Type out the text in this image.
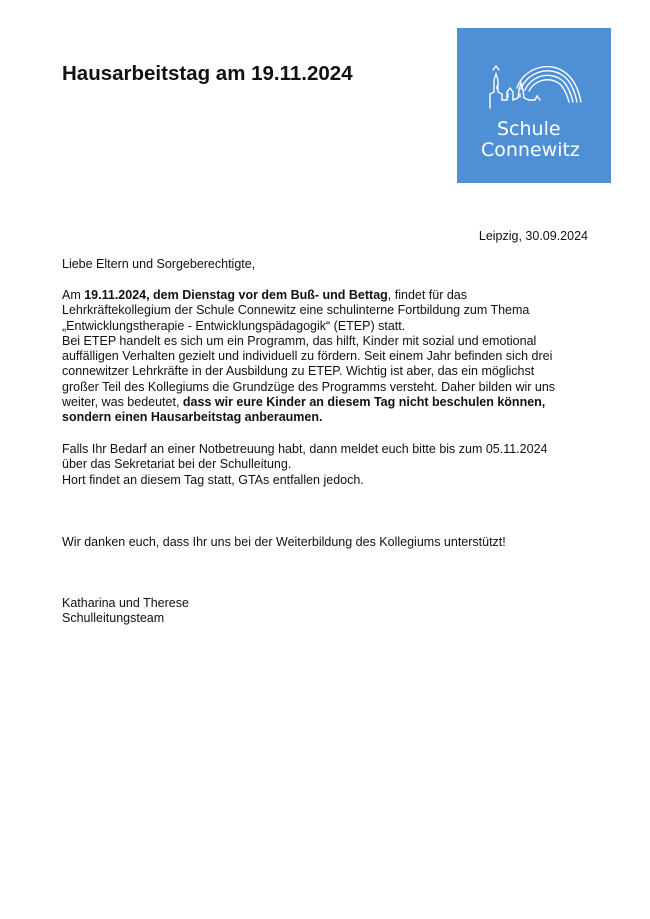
Hausarbeitstag am 19.11.2024
Schule
Connewitz
Leipzig, 30.09.2024

Liebe Eltern und Sorgeberechtigte,

Am 19.11.2024, dem Dienstag vor dem Buß- und Bettag, findet für das

Lehrkräftekollegium der Schule Connewitz eine schulinterne Fortbildung zum Thema

„Entwicklungstherapie - Entwicklungspädagogik“ (ETEP) statt.

Bei ETEP handelt es sich um ein Programm, das hilft, Kinder mit sozial und emotional

auffälligen Verhalten gezielt und individuell zu fördern. Seit einem Jahr befinden sich drei

connewitzer Lehrkräfte in der Ausbildung zu ETEP. Wichtig ist aber, das ein möglichst

großer Teil des Kollegiums die Grundzüge des Programms versteht. Daher bilden wir uns

weiter, was bedeutet, dass wir eure Kinder an diesem Tag nicht beschulen können,

sondern einen Hausarbeitstag anberaumen.

Falls Ihr Bedarf an einer Notbetreuung habt, dann meldet euch bitte bis zum 05.11.2024

über das Sekretariat bei der Schulleitung.

Hort findet an diesem Tag statt, GTAs entfallen jedoch.

Wir danken euch, dass Ihr uns bei der Weiterbildung des Kollegiums unterstützt!

Katharina und Therese

Schulleitungsteam
